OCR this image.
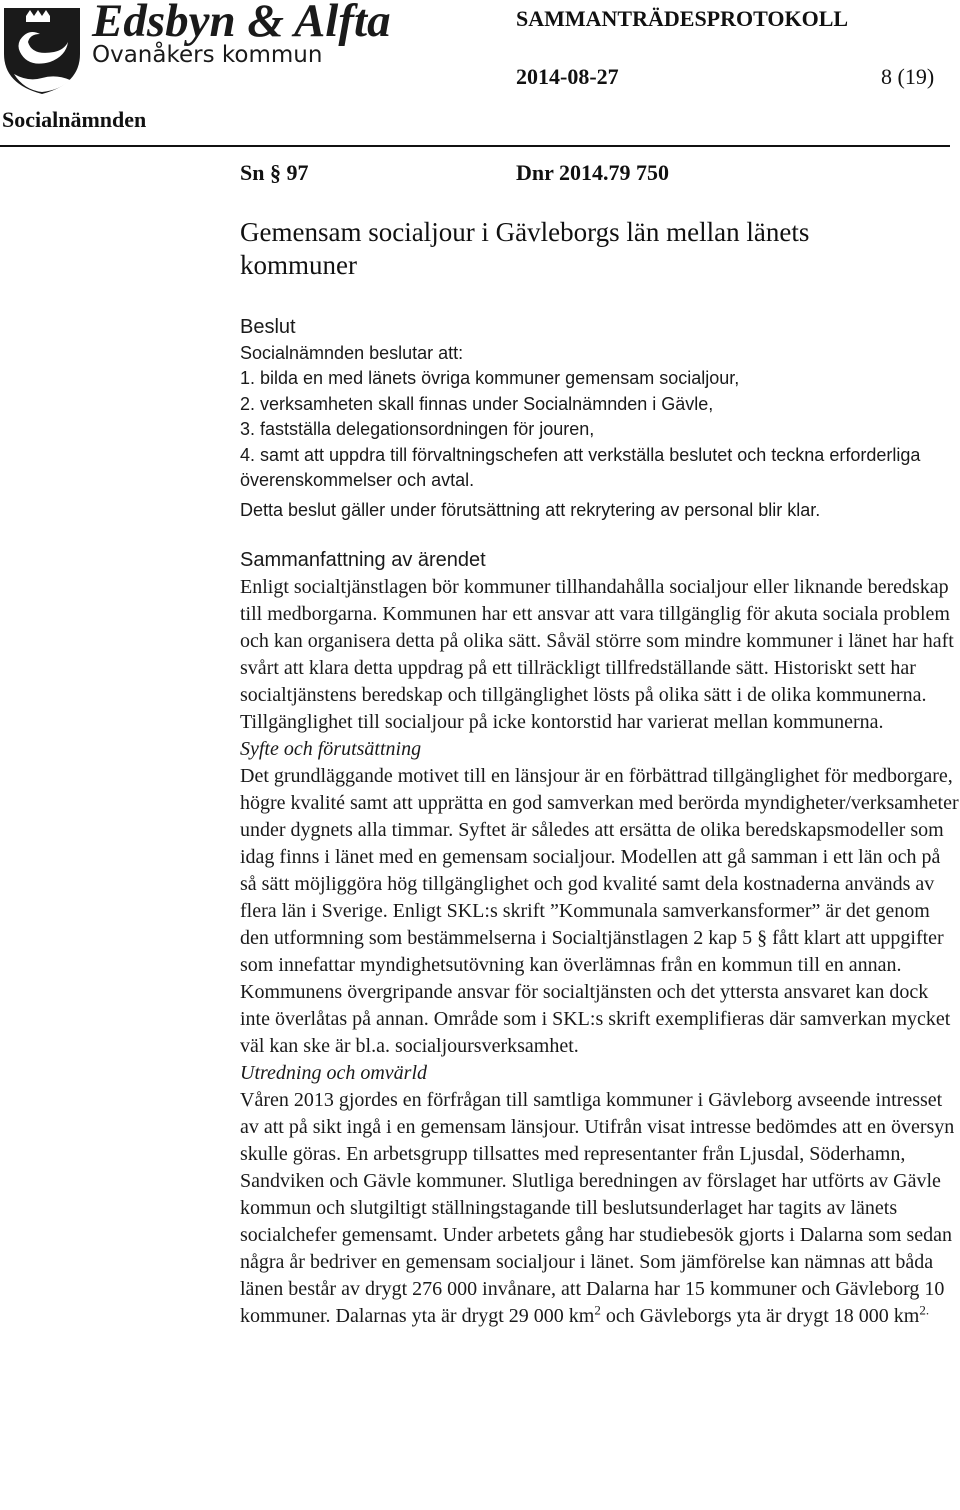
Edsbyn & Alfta
Ovanåkers kommun
SAMMANTRÄDESPROTOKOLL
2014-08-27	8 (19)
Socialnämnden
Sn § 97	Dnr 2014.79 750
Gemensam socialjour i Gävleborgs län mellan länets kommuner
Beslut
Socialnämnden beslutar att:
1. bilda en med länets övriga kommuner gemensam socialjour,
2. verksamheten skall finnas under Socialnämnden i Gävle,
3. fastställa delegationsordningen för jouren,
4. samt att uppdra till förvaltningschefen att verkställa beslutet och teckna erforderliga överenskommelser och avtal.
Detta beslut gäller under förutsättning att rekrytering av personal blir klar.
Sammanfattning av ärendet
Enligt socialtjänstlagen bör kommuner tillhandahålla socialjour eller liknande beredskap till medborgarna. Kommunen har ett ansvar att vara tillgänglig för akuta sociala problem och kan organisera detta på olika sätt. Såväl större som mindre kommuner i länet har haft svårt att klara detta uppdrag på ett tillräckligt tillfredställande sätt. Historiskt sett har socialtjänstens beredskap och tillgänglighet lösts på olika sätt i de olika kommunerna. Tillgänglighet till socialjour på icke kontorstid har varierat mellan kommunerna.
Syfte och förutsättning
Det grundläggande motivet till en länsjour är en förbättrad tillgänglighet för medborgare, högre kvalité samt att upprätta en god samverkan med berörda myndigheter/verksamheter under dygnets alla timmar. Syftet är således att ersätta de olika beredskapsmodeller som idag finns i länet med en gemensam socialjour. Modellen att gå samman i ett län och på så sätt möjliggöra hög tillgänglighet och god kvalité samt dela kostnaderna används av flera län i Sverige. Enligt SKL:s skrift ”Kommunala samverkansformer” är det genom den utformning som bestämmelserna i Socialtjänstlagen 2 kap 5 § fått klart att uppgifter som innefattar myndighetsutövning kan överlämnas från en kommun till en annan. Kommunens övergripande ansvar för socialtjänsten och det yttersta ansvaret kan dock inte överlåtas på annan. Område som i SKL:s skrift exemplifieras där samverkan mycket väl kan ske är bl.a. socialjoursverksamhet.
Utredning och omvärld
Våren 2013 gjordes en förfrågan till samtliga kommuner i Gävleborg avseende intresset av att på sikt ingå i en gemensam länsjour. Utifrån visat intresse bedömdes att en översyn skulle göras. En arbetsgrupp tillsattes med representanter från Ljusdal, Söderhamn, Sandviken och Gävle kommuner. Slutliga beredningen av förslaget har utförts av Gävle kommun och slutgiltigt ställningstagande till beslutsunderlaget har tagits av länets socialchefer gemensamt. Under arbetets gång har studiebesök gjorts i Dalarna som sedan några år bedriver en gemensam socialjour i länet. Som jämförelse kan nämnas att båda länen består av drygt 276 000 invånare, att Dalarna har 15 kommuner och Gävleborg 10 kommuner. Dalarnas yta är drygt 29 000 $km^2$ och Gävleborgs yta är drygt 18 000 $km^{2.}$
